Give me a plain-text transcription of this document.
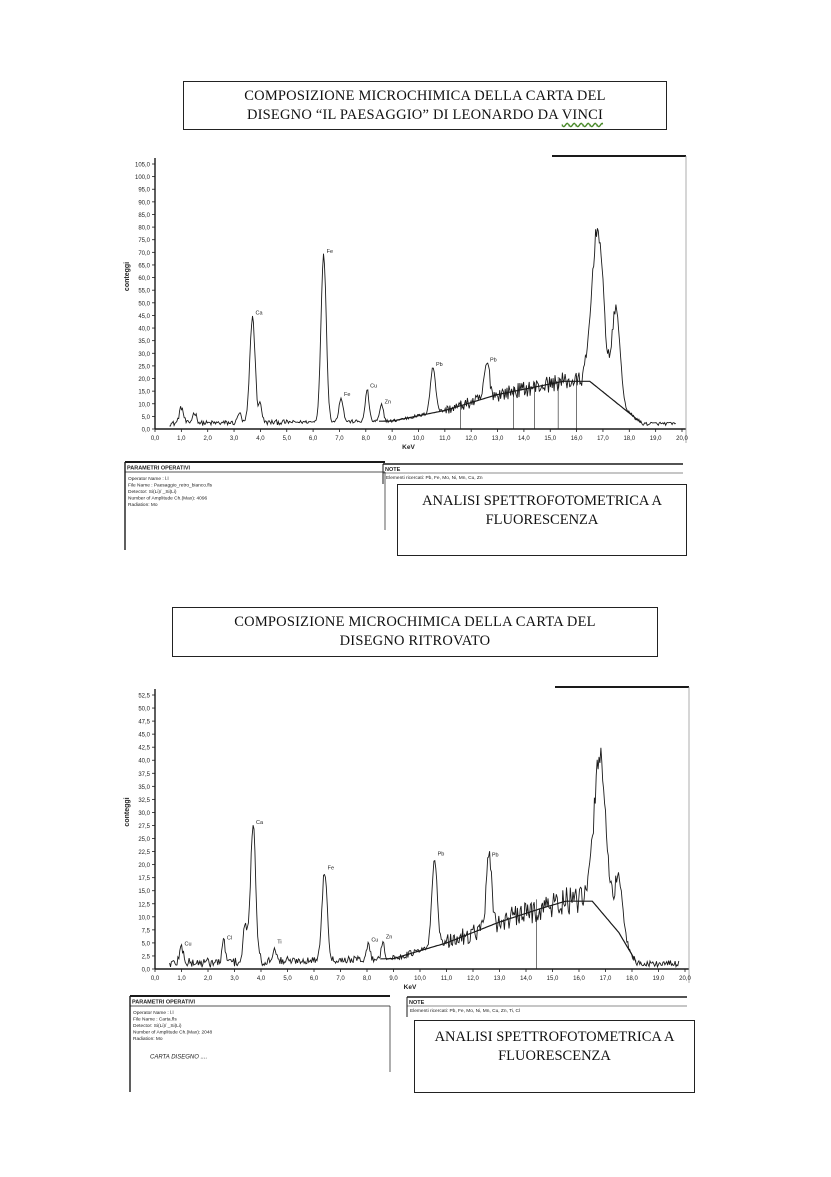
COMPOSIZIONE MICROCHIMICA DELLA CARTA DEL
DISEGNO “IL PAESAGGIO” DI LEONARDO DA VINCI
0,0
5,0
10,0
15,0
20,0
25,0
30,0
35,0
40,0
45,0
50,0
55,0
60,0
65,0
70,0
75,0
80,0
85,0
90,0
95,0
100,0
105,0
0,0	1,0	2,0	3,0	4,0	5,0	6,0	7,0	8,0	9,0	10,0 11,0 12,0 13,0 14,0 15,0 16,0 17,0 18,0 19,0 20,0
KeV
conteggi
Ca
Fe
Fe
Cu
Zn
Pb
Pb
PARAMETRI OPERATIVI
Operator Name : l.l
File Name : Paesaggio_retro_bianco.fls
Detector: Si(Li)/ _Si(Li)
Number of Amplitude Ch.(Max): 4096
Radiation: Mo
NOTE
Elementi ricercati: Pb, Fe, Mo, Ni, Mn, Cu, Zn
ANALISI SPETTROFOTOMETRICA A FLUORESCENZA
COMPOSIZIONE MICROCHIMICA DELLA CARTA DEL
DISEGNO RITROVATO
0,0
2,5
5,0
7,5
10,0
12,5
15,0
17,5
20,0
22,5
25,0
27,5
30,0
32,5
35,0
37,5
40,0
42,5
45,0
47,5
50,0
52,5
0,0	1,0	2,0	3,0	4,0	5,0	6,0	7,0	8,0	9,0	10,0	11,0	12,0 13,0 14,0 15,0 16,0 17,0 18,0 19,0 20,0
KeV
conteggi	Ca
Fe
Ti
Cl	Cu Zn
Pb	Pb
Cu
PARAMETRI OPERATIVI
Operator Name : l.l
File Name : Carta.fls
Detector: Si(Li)/ _Si(Li)
Number of Amplitude Ch.(Max): 2048
Radiation: Mo
CARTA DISEGNO ....
NOTE
Elementi ricercati: Pb, Fe, Mo, Ni, Mn, Cu, Zn, Ti, Cl
ANALISI SPETTROFOTOMETRICA A FLUORESCENZA
